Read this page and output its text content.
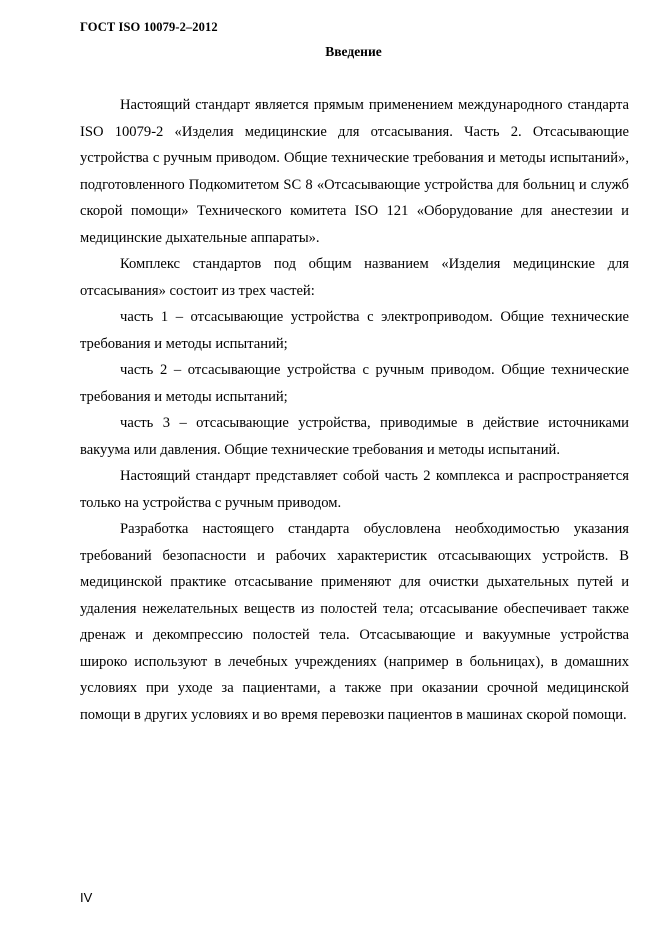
ГОСТ ISO 10079-2–2012
Введение

Настоящий стандарт является прямым применением международного стандарта ISO 10079-2 «Изделия медицинские для отсасывания. Часть 2. Отсасывающие устройства с ручным приводом. Общие технические требования и методы испытаний», подготовленного Подкомитетом SC 8 «Отсасывающие устройства для больниц и служб скорой помощи» Технического комитета ISO 121 «Оборудование для анестезии и медицинские дыхательные аппараты».

Комплекс стандартов под общим названием «Изделия медицинские для отсасывания» состоит из трех частей:

часть 1 – отсасывающие устройства с электроприводом. Общие технические требования и методы испытаний;

часть 2 – отсасывающие устройства с ручным приводом. Общие технические требования и методы испытаний;

часть 3 – отсасывающие устройства, приводимые в действие источниками вакуума или давления. Общие технические требования и методы испытаний.

Настоящий стандарт представляет собой часть 2 комплекса и распространяется только на устройства с ручным приводом.

Разработка настоящего стандарта обусловлена необходимостью указания требований безопасности и рабочих характеристик отсасывающих устройств. В медицинской практике отсасывание применяют для очистки дыхательных путей и удаления нежелательных веществ из полостей тела; отсасывание обеспечивает также дренаж и декомпрессию полостей тела. Отсасывающие и вакуумные устройства широко используют в лечебных учреждениях (например в больницах), в домашних условиях при уходе за пациентами, а также при оказании срочной медицинской помощи в других условиях и во время перевозки пациентов в машинах скорой помощи.

IV
